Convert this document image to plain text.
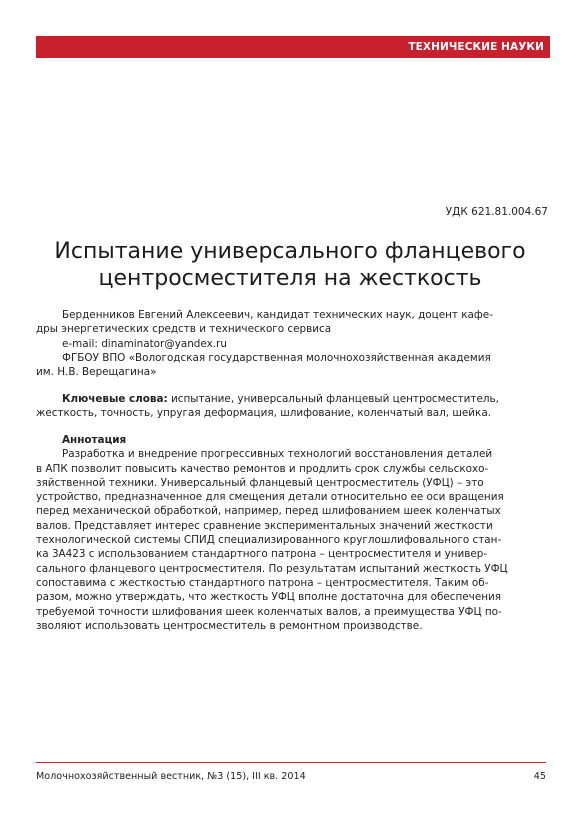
ТЕХНИЧЕСКИЕ НАУКИ
УДК 621.81.004.67
Испытание универсального фланцевого
центросместителя на жесткость
Берденников Евгений Алексеевич, кандидат технических наук, доцент кафе-
дры энергетических средств и технического сервиса
e-mail: dinaminator@yandex.ru
ФГБОУ ВПО «Вологодская государственная молочнохозяйственная академия
им. Н.В. Верещагина»
Ключевые слова: испытание, универсальный фланцевый центросместитель,
жесткость, точность, упругая деформация, шлифование, коленчатый вал, шейка.
Аннотация
Разработка и внедрение прогрессивных технологий восстановления деталей
в АПК позволит повысить качество ремонтов и продлить срок службы сельскохо-
зяйственной техники. Универсальный фланцевый центросместитель (УФЦ) – это
устройство, предназначенное для смещения детали относительно ее оси вращения
перед механической обработкой, например, перед шлифованием шеек коленчатых
валов. Представляет интерес сравнение экспериментальных значений жесткости
технологической системы СПИД специализированного круглошлифовального стан-
ка 3А423 с использованием стандартного патрона – центросместителя и универ-
сального фланцевого центросместителя. По результатам испытаний жесткость УФЦ
сопоставима с жесткостью стандартного патрона – центросместителя. Таким об-
разом, можно утверждать, что жесткость УФЦ вполне достаточна для обеспечения
требуемой точности шлифования шеек коленчатых валов, а преимущества УФЦ по-
зволяют использовать центросместитель в ремонтном производстве.
Молочнохозяйственный вестник, №3 (15), III кв. 2014	45
